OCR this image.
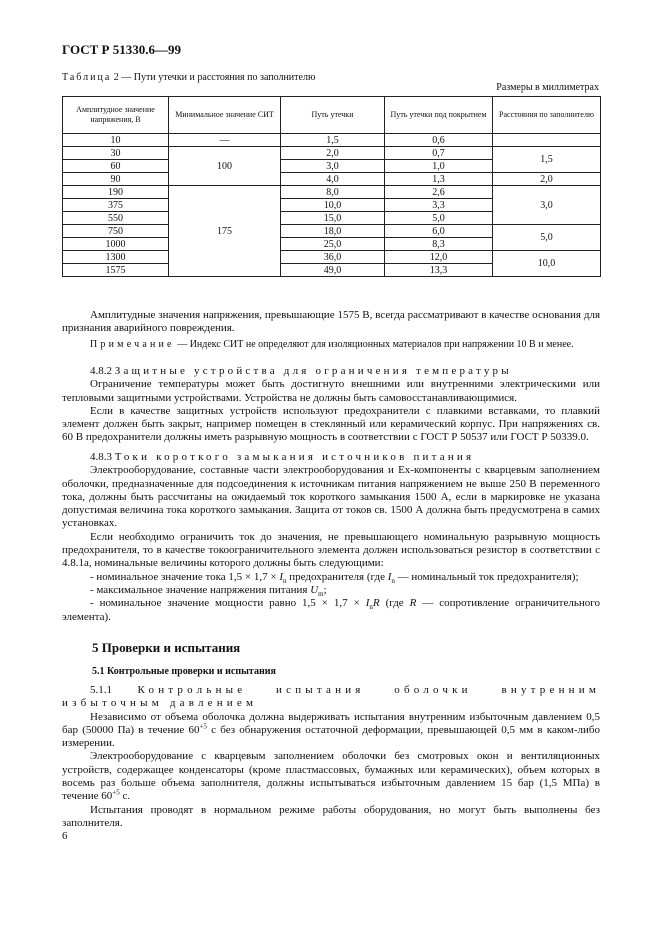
ГОСТ Р 51330.6—99
Таблица 2 — Пути утечки и расстояния по заполнителю
Размеры в миллиметрах
Амплитудное значение напряжения, В	Минимальное значение СИТ	Путь утечки	Путь утечки под покрытием	Расстояния по заполнителю
10	—	1,5	0,6	
30	100	2,0	0,7	1,5
60		3,0	1,0	
90		4,0	1,3	2,0
190	175	8,0	2,6	3,0
375		10,0	3,3	
550		15,0	5,0	
750		18,0	6,0	5,0
1000		25,0	8,3	
1300		36,0	12,0	10,0
1575		49,0	13,3	

Амплитудные значения напряжения, превышающие 1575 В, всегда рассматривают в качестве основания для признания аварийного повреждения.

Примечание — Индекс СИТ не определяют для изоляционных материалов при напряжении 10 В и менее.

4.8.2 Защитные устройства для ограничения температуры

Ограничение температуры может быть достигнуто внешними или внутренними электрическими или тепловыми защитными устройствами. Устройства не должны быть самовосстанавливающимися.

Если в качестве защитных устройств используют предохранители с плавкими вставками, то плавкий элемент должен быть закрыт, например помещен в стеклянный или керамический корпус. При напряжениях св. 60 В предохранители должны иметь разрывную мощность в соответствии с ГОСТ Р 50537 или ГОСТ Р 50339.0.

4.8.3 Токи короткого замыкания источников питания

Электрооборудование, составные части электрооборудования и Ех-компоненты с кварцевым заполнением оболочки, предназначенные для подсоединения к источникам питания напряжением не выше 250 В переменного тока, должны быть рассчитаны на ожидаемый ток короткого замыкания 1500 А, если в маркировке не указана допустимая величина тока короткого замыкания. Защита от токов св. 1500 А должна быть предусмотрена в самих установках.

Если необходимо ограничить ток до значения, не превышающего номинальную разрывную мощность предохранителя, то в качестве токоограничительного элемента должен использоваться резистор в соответствии с 4.8.1а, номинальные величины которого должны быть следующими:

- номинальное значение тока $1,5 \times 1,7 \times I_n$ предохранителя (где $I_n$ — номинальный ток предохранителя);

- максимальное значение напряжения питания $U_m$;

- номинальное значение мощности равно $1,5 \times 1,7 \times I_nR$ (где R — сопротивление ограничительного элемента).

5 Проверки и испытания
5.1 Контрольные проверки и испытания

5.1.1 Контрольные испытания оболочки внутренним избыточным давлением

Независимо от объема оболочка должна выдерживать испытания внутренним избыточным давлением 0,5 бар (50000 Па) в течение $60^{+5}$ с без обнаружения остаточной деформации, превышающей 0,5 мм в каком-либо измерении.

Электрооборудование с кварцевым заполнением оболочки без смотровых окон и вентиляционных устройств, содержащее конденсаторы (кроме пластмассовых, бумажных или керамических), объем которых в восемь раз больше объема заполнителя, должны испытываться избыточным давлением 15 бар (1,5 МПа) в течение $60^{+5}$ с.

Испытания проводят в нормальном режиме работы оборудования, но могут быть выполнены без заполнителя.

6
